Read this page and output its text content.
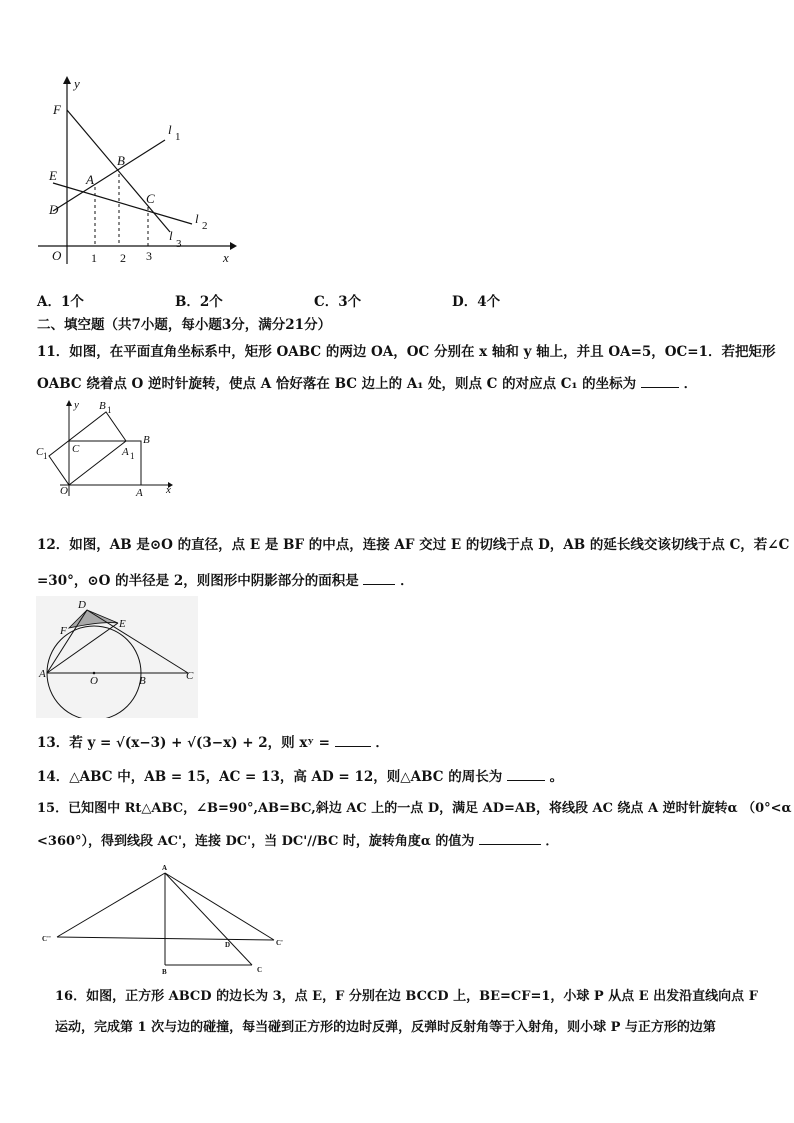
y
x
O
F
E
D
A
B
C
l 1
l 2
l
3
1 2 3
A．1个	B．2个	C．3个	D．4个
二、填空题（共7小题，每小题3分，满分21分）
11．如图，在平面直角坐标系中，矩形 OABC 的两边 OA，OC 分别在 x 轴和 y 轴上，并且 OA=5，OC=1．若把矩形
OABC 绕着点 O 逆时针旋转，使点 A 恰好落在 BC 边上的 A₁ 处，则点 C 的对应点 C₁ 的坐标为	．
y
x
O	A
B
C
B 1
A 1
C 1
12．如图，AB 是⊙O 的直径，点 E 是 BF 的中点，连接 AF 交过 E 的切线于点 D，AB 的延长线交该切线于点 C，若∠C
=30°，⊙O 的半径是 2，则图形中阴影部分的面积是	．
D
F
E
A
O	B	C
13．若 y = √(x−3) + √(3−x) + 2，则 xʸ =	．
14．△ABC 中，AB = 15，AC = 13，高 AD = 12，则△ABC 的周长为	。
15．已知图中 Rt△ABC，∠B=90°,AB=BC,斜边 AC 上的一点 D，满足 AD=AB，将线段 AC 绕点 A 逆时针旋转α （0°<α
<360°），得到线段 AC'，连接 DC'，当 DC'//BC 时，旋转角度α 的值为	．
A
B	C
D
C''	C'
16．如图，正方形 ABCD 的边长为 3，点 E，F 分别在边 BCCD 上，BE=CF=1，小球 P 从点 E 出发沿直线向点 F
运动，完成第 1 次与边的碰撞，每当碰到正方形的边时反弹，反弹时反射角等于入射角，则小球 P 与正方形的边第
